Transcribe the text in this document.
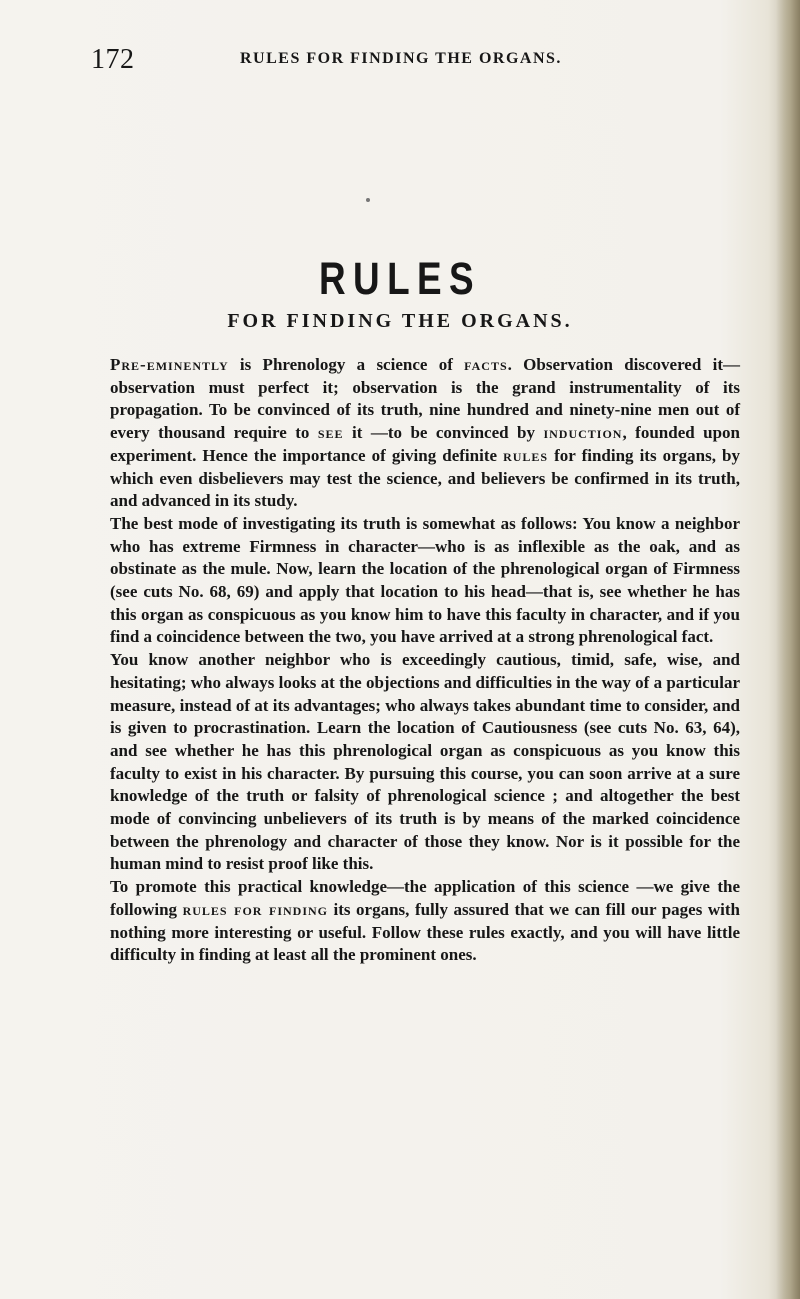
172	RULES FOR FINDING THE ORGANS.
RULES
FOR FINDING THE ORGANS.

Pre-eminently is Phrenology a science of facts. Observation discovered it—observation must perfect it; observation is the grand instrumentality of its propagation. To be convinced of its truth, nine hundred and ninety-nine men out of every thousand require to see it —to be convinced by induction, founded upon experiment. Hence the importance of giving definite rules for finding its organs, by which even disbelievers may test the science, and believers be confirmed in its truth, and advanced in its study.

The best mode of investigating its truth is somewhat as follows: You know a neighbor who has extreme Firmness in character—who is as inflexible as the oak, and as obstinate as the mule. Now, learn the location of the phrenological organ of Firmness (see cuts No. 68, 69) and apply that location to his head—that is, see whether he has this organ as conspicuous as you know him to have this faculty in character, and if you find a coincidence between the two, you have arrived at a strong phrenological fact.

You know another neighbor who is exceedingly cautious, timid, safe, wise, and hesitating; who always looks at the objections and difficulties in the way of a particular measure, instead of at its advantages; who always takes abundant time to consider, and is given to procrastination. Learn the location of Cautiousness (see cuts No. 63, 64), and see whether he has this phrenological organ as conspicuous as you know this faculty to exist in his character. By pursuing this course, you can soon arrive at a sure knowledge of the truth or falsity of phrenological science ; and altogether the best mode of convincing unbelievers of its truth is by means of the marked coincidence between the phrenology and character of those they know. Nor is it possible for the human mind to resist proof like this.

To promote this practical knowledge—the application of this science —we give the following rules for finding its organs, fully assured that we can fill our pages with nothing more interesting or useful. Follow these rules exactly, and you will have little difficulty in finding at least all the prominent ones.
